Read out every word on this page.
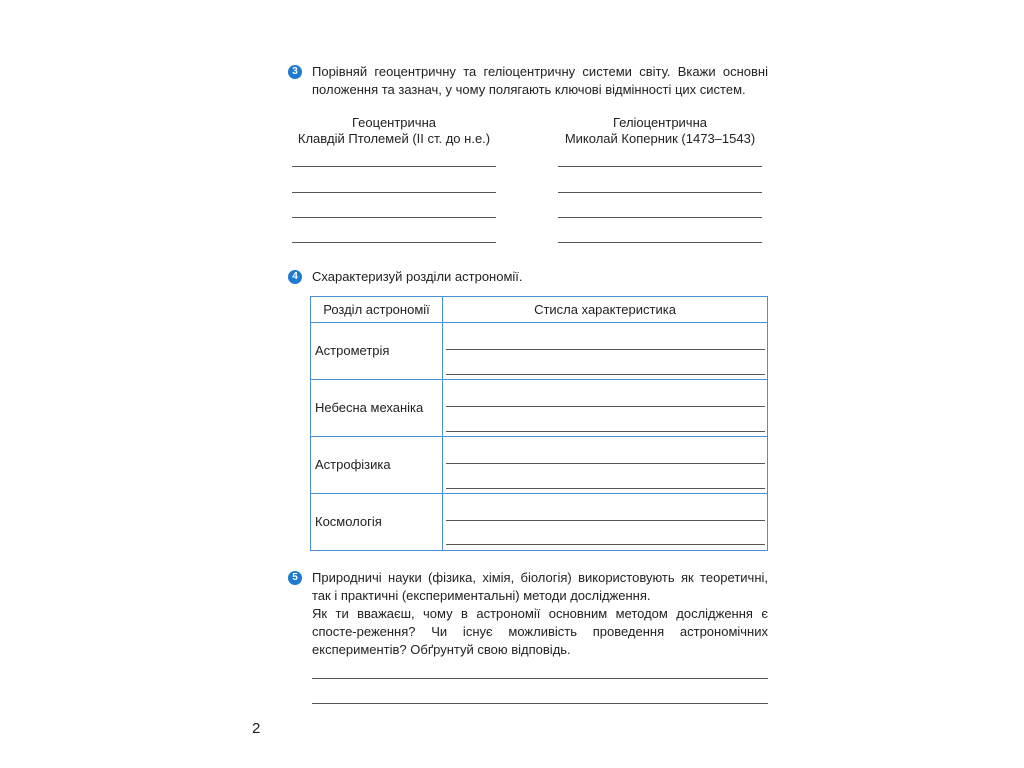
3	Порівняй геоцентричну та геліоцентричну системи світу. Вкажи основні положення та зазнач, у чому полягають ключові відмінності цих систем.

Геоцентрична
Клавдій Птолемей (II ст. до н.е.)
Геліоцентрична
Миколай Коперник (1473–1543)
4	Схарактеризуй розділи астрономії.

Розділ астрономії	Стисла характеристика
Астрометрія
Небесна механіка
Астрофізика
Космологія
5	Природничі науки (фізика, хімія, біологія) використовують як теоретичні, так і практичні (експериментальні) методи дослідження.

Як ти вважаєш, чому в астрономії основним методом дослідження є спосте-реження? Чи існує можливість проведення астрономічних експериментів? Обґрунтуй свою відповідь.

2
